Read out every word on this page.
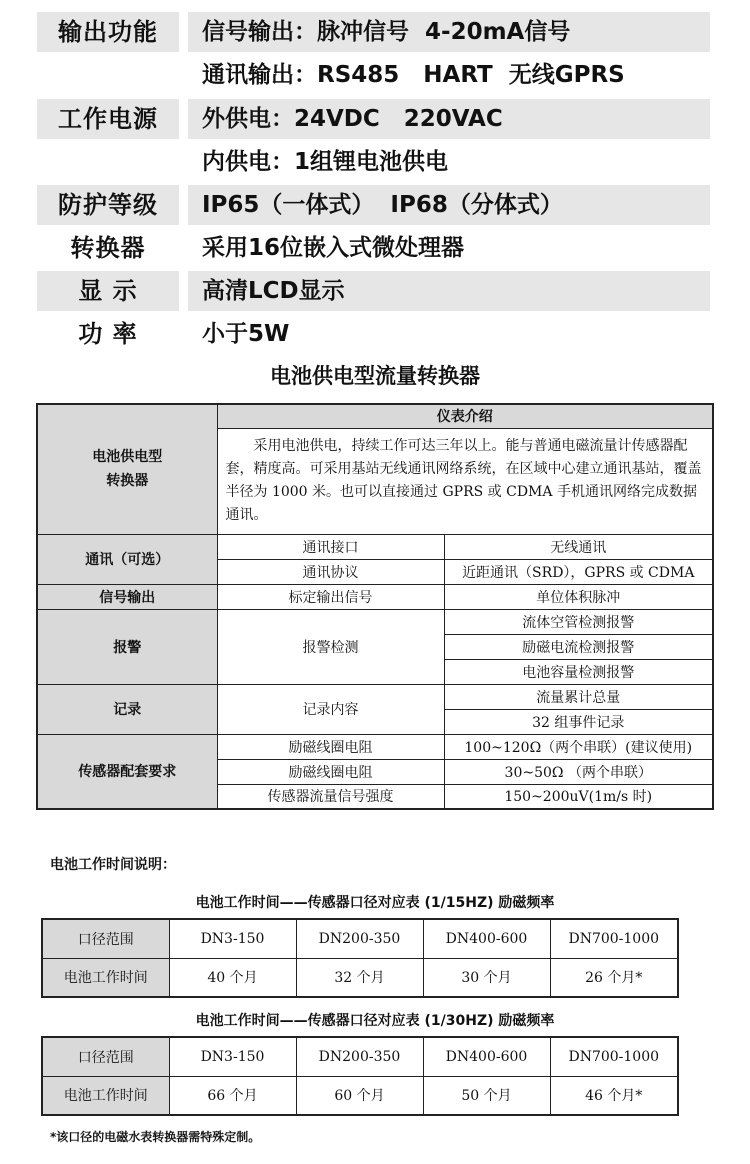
输出功能	信号输出：脉冲信号  4-20mA信号
通讯输出：RS485   HART  无线GPRS
工作电源	外供电：24VDC   220VAC
内供电：1组锂电池供电
防护等级	IP65（一体式）  IP68（分体式）
转换器	采用16位嵌入式微处理器
显 示	高清LCD显示
功 率	小于5W
电池供电型流量转换器
电池供电型
转换器	仪表介绍	
	采用电池供电，持续工作可达三年以上。能与普通电磁流量计传感器配套，精度高。可采用基站无线通讯网络系统，在区域中心建立通讯基站，覆盖半径为 1000 米。也可以直接通过 GPRS 或 CDMA 手机通讯网络完成数据通讯。	
通讯（可选）	通讯接口	无线通讯
	通讯协议	近距通讯（SRD），GPRS 或 CDMA
信号输出	标定输出信号	单位体积脉冲
报警	报警检测	流体空管检测报警
		励磁电流检测报警
		电池容量检测报警
记录	记录内容	流量累计总量
		32 组事件记录
传感器配套要求	励磁线圈电阻	100~120Ω（两个串联）(建议使用)
	励磁线圈电阻	30~50Ω （两个串联）
	传感器流量信号强度	150~200uV(1m/s 时)
电池工作时间说明：
电池工作时间——传感器口径对应表 (1/15HZ) 励磁频率
口径范围	DN3-150	DN200-350	DN400-600	DN700-1000
电池工作时间	40 个月	32 个月	30 个月	26 个月*
电池工作时间——传感器口径对应表 (1/30HZ) 励磁频率
口径范围	DN3-150	DN200-350	DN400-600	DN700-1000
电池工作时间	66 个月	60 个月	50 个月	46 个月*
*该口径的电磁水表转换器需特殊定制。
